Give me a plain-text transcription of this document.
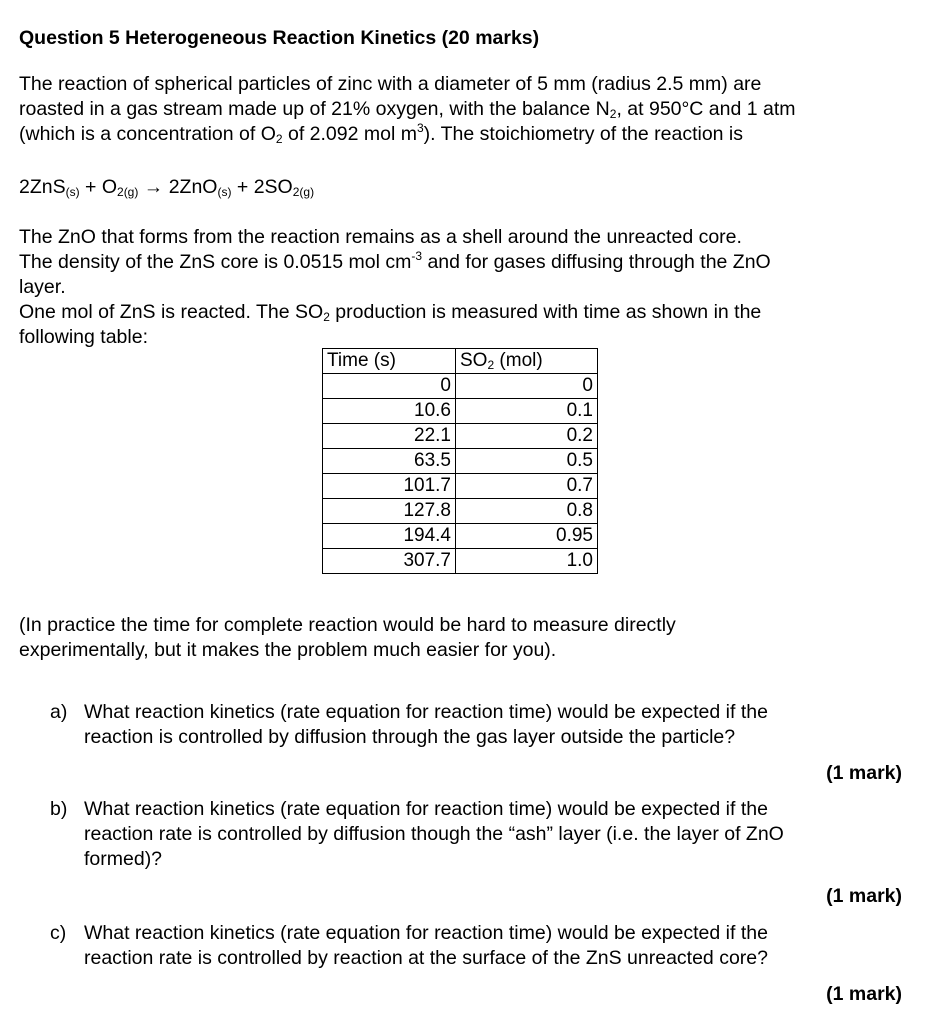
Question 5 Heterogeneous Reaction Kinetics (20 marks)
The reaction of spherical particles of zinc with a diameter of 5 mm (radius 2.5 mm) are
roasted in a gas stream made up of 21% oxygen, with the balance $N_2$, at 950°C and 1 atm
(which is a concentration of $O_2$ of 2.092 mol $m^3$). The stoichiometry of the reaction is
2ZnS(s) + O2(g) → 2ZnO(s) + 2SO2(g)
The ZnO that forms from the reaction remains as a shell around the unreacted core.
The density of the ZnS core is 0.0515 mol $cm^{-3}$ and for gases diffusing through the ZnO
layer.
One mol of ZnS is reacted. The $SO_2$ production is measured with time as shown in the
following table:
Time (s)	$SO_2$ (mol)
0	0
10.6	0.1
22.1	0.2
63.5	0.5
101.7	0.7
127.8	0.8
194.4	0.95
307.7	1.0
(In practice the time for complete reaction would be hard to measure directly
experimentally, but it makes the problem much easier for you).
a) What reaction kinetics (rate equation for reaction time) would be expected if the
reaction is controlled by diffusion through the gas layer outside the particle?
(1 mark)
b) What reaction kinetics (rate equation for reaction time) would be expected if the
reaction rate is controlled by diffusion though the “ash” layer (i.e. the layer of ZnO
formed)?
(1 mark)
c) What reaction kinetics (rate equation for reaction time) would be expected if the
reaction rate is controlled by reaction at the surface of the ZnS unreacted core?
(1 mark)
